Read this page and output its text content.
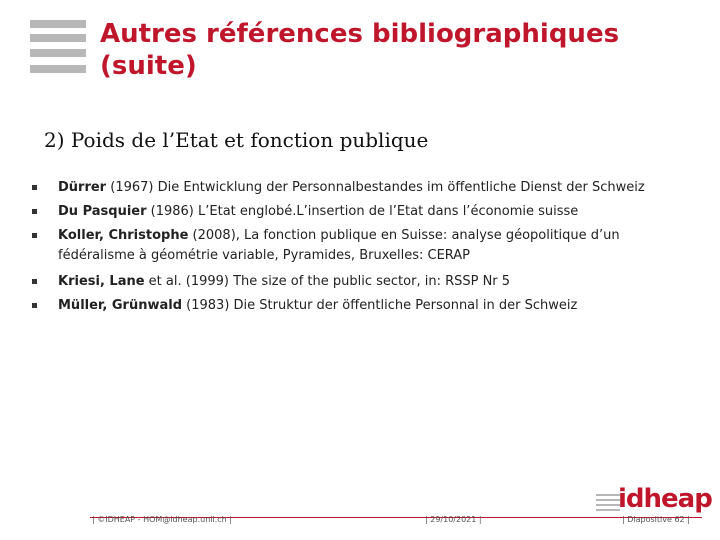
Autres références bibliographiques (suite)
2) Poids de l’Etat et fonction publique
Dürrer (1967) Die Entwicklung der Personnalbestandes im öffentliche Dienst der Schweiz
Du Pasquier (1986) L’Etat englobé.L’insertion de l’Etat dans l’économie suisse
Koller, Christophe (2008), La fonction publique en Suisse: analyse géopolitique d’un fédéralisme à géométrie variable, Pyramides, Bruxelles: CERAP
Kriesi, Lane et al. (1999) The size of the public sector, in: RSSP Nr 5
Müller, Grünwald (1983) Die Struktur der öffentliche Personnal in der Schweiz
idheap
| ©IDHEAP - HOM@idheap.unil.ch |	| 29/10/2021 |	| Diapositive 62 |
